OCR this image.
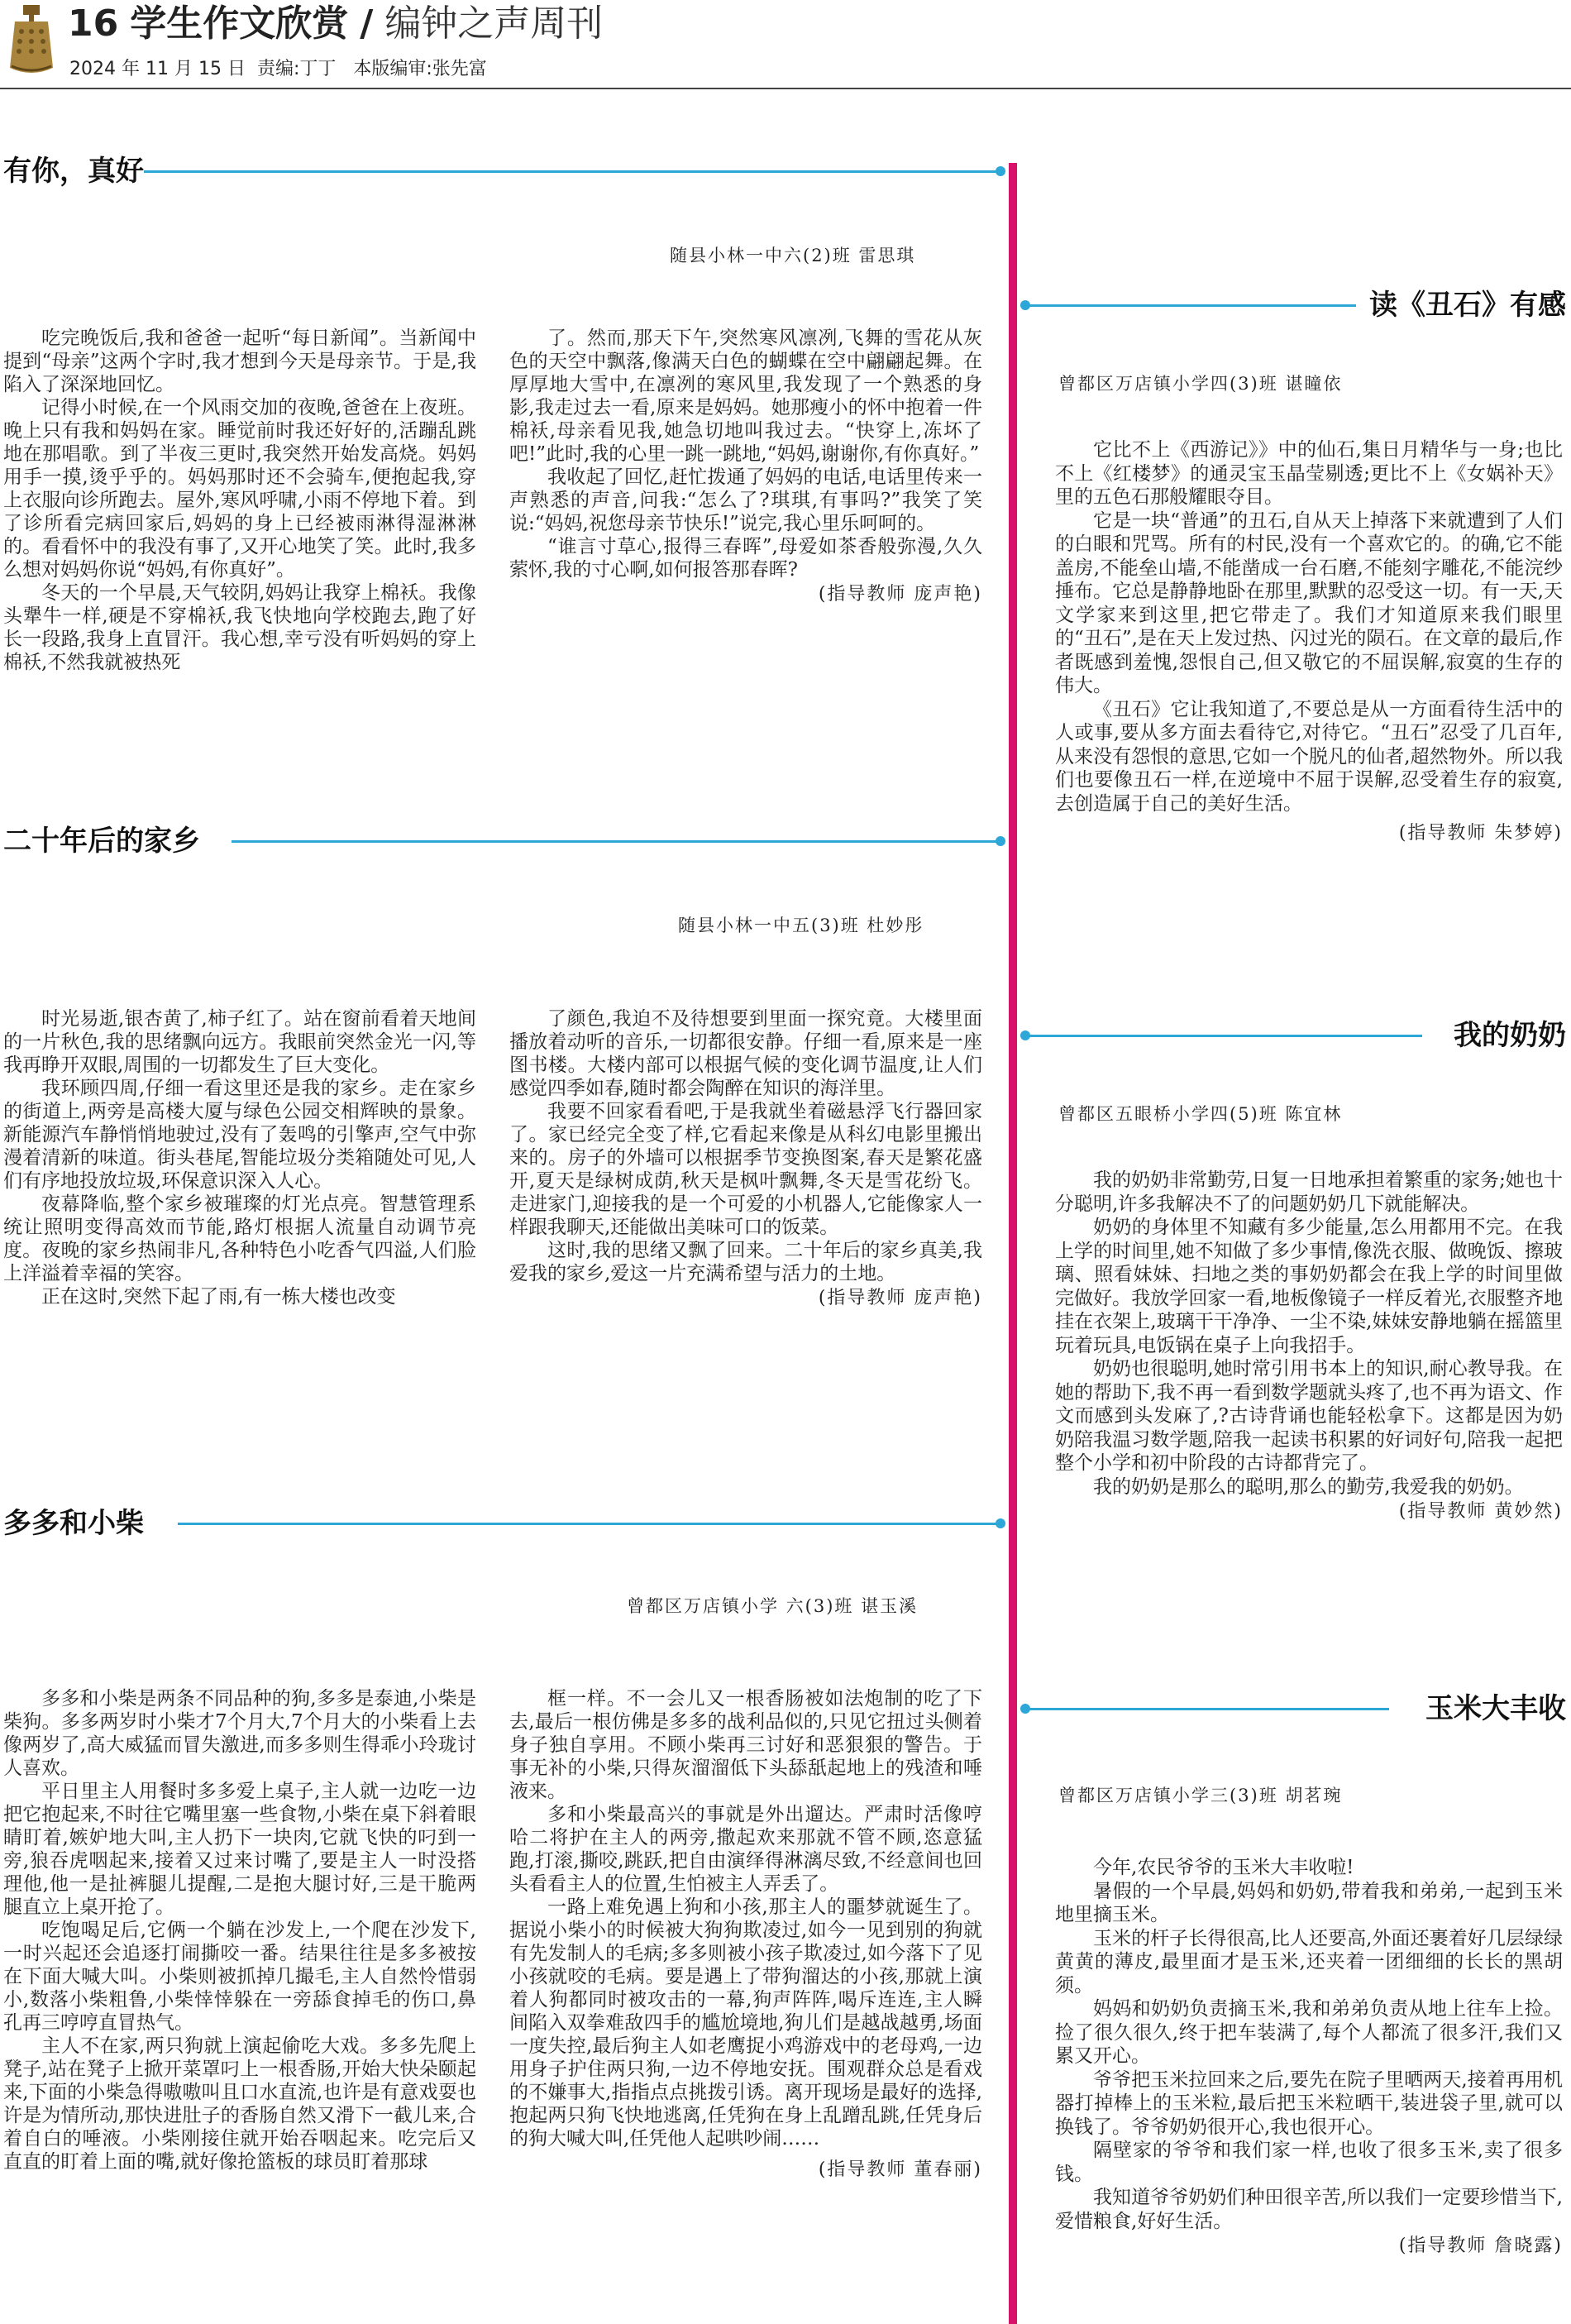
16 学生作文欣赏 / 编钟之声周刊
2024 年 11 月 15 日 责编:丁丁 本版编审:张先富
有你，真好
随县小林一中六(2)班 雷思琪

吃完晚饭后,我和爸爸一起听“每日新闻”。当新闻中提到“母亲”这两个字时,我才想到今天是母亲节。于是,我陷入了深深地回忆。

记得小时候,在一个风雨交加的夜晚,爸爸在上夜班。晚上只有我和妈妈在家。睡觉前时我还好好的,活蹦乱跳地在那唱歌。到了半夜三更时,我突然开始发高烧。妈妈用手一摸,烫乎乎的。妈妈那时还不会骑车,便抱起我,穿上衣服向诊所跑去。屋外,寒风呼啸,小雨不停地下着。到了诊所看完病回家后,妈妈的身上已经被雨淋得湿淋淋的。看看怀中的我没有事了,又开心地笑了笑。此时,我多么想对妈妈你说“妈妈,有你真好”。

冬天的一个早晨,天气较阴,妈妈让我穿上棉袄。我像头犟牛一样,硬是不穿棉袄,我飞快地向学校跑去,跑了好长一段路,我身上直冒汗。我心想,幸亏没有听妈妈的穿上棉袄,不然我就被热死

了。然而,那天下午,突然寒风凛冽,飞舞的雪花从灰色的天空中飘落,像满天白色的蝴蝶在空中翩翩起舞。在厚厚地大雪中,在凛冽的寒风里,我发现了一个熟悉的身影,我走过去一看,原来是妈妈。她那瘦小的怀中抱着一件棉袄,母亲看见我,她急切地叫我过去。“快穿上,冻坏了吧!”此时,我的心里一跳一跳地,“妈妈,谢谢你,有你真好。”

我收起了回忆,赶忙拨通了妈妈的电话,电话里传来一声熟悉的声音,问我:“怎么了?琪琪,有事吗?”我笑了笑说:“妈妈,祝您母亲节快乐!”说完,我心里乐呵呵的。

“谁言寸草心,报得三春晖”,母爱如茶香般弥漫,久久萦怀,我的寸心啊,如何报答那春晖?

(指导教师 庞声艳)
二十年后的家乡
随县小林一中五(3)班 杜妙彤

时光易逝,银杏黄了,柿子红了。站在窗前看着天地间的一片秋色,我的思绪飘向远方。我眼前突然金光一闪,等我再睁开双眼,周围的一切都发生了巨大变化。

我环顾四周,仔细一看这里还是我的家乡。走在家乡的街道上,两旁是高楼大厦与绿色公园交相辉映的景象。新能源汽车静悄悄地驶过,没有了轰鸣的引擎声,空气中弥漫着清新的味道。街头巷尾,智能垃圾分类箱随处可见,人们有序地投放垃圾,环保意识深入人心。

夜幕降临,整个家乡被璀璨的灯光点亮。智慧管理系统让照明变得高效而节能,路灯根据人流量自动调节亮度。夜晚的家乡热闹非凡,各种特色小吃香气四溢,人们脸上洋溢着幸福的笑容。

正在这时,突然下起了雨,有一栋大楼也改变

了颜色,我迫不及待想要到里面一探究竟。大楼里面播放着动听的音乐,一切都很安静。仔细一看,原来是一座图书楼。大楼内部可以根据气候的变化调节温度,让人们感觉四季如春,随时都会陶醉在知识的海洋里。

我要不回家看看吧,于是我就坐着磁悬浮飞行器回家了。家已经完全变了样,它看起来像是从科幻电影里搬出来的。房子的外墙可以根据季节变换图案,春天是繁花盛开,夏天是绿树成荫,秋天是枫叶飘舞,冬天是雪花纷飞。走进家门,迎接我的是一个可爱的小机器人,它能像家人一样跟我聊天,还能做出美味可口的饭菜。

这时,我的思绪又飘了回来。二十年后的家乡真美,我爱我的家乡,爱这一片充满希望与活力的土地。

(指导教师 庞声艳)
多多和小柴
曾都区万店镇小学 六(3)班 谌玉溪

多多和小柴是两条不同品种的狗,多多是泰迪,小柴是柴狗。多多两岁时小柴才7个月大,7个月大的小柴看上去像两岁了,高大威猛而冒失激进,而多多则生得乖小玲珑讨人喜欢。

平日里主人用餐时多多爱上桌子,主人就一边吃一边把它抱起来,不时往它嘴里塞一些食物,小柴在桌下斜着眼睛盯着,嫉妒地大叫,主人扔下一块肉,它就飞快的叼到一旁,狼吞虎咽起来,接着又过来讨嘴了,要是主人一时没搭理他,他一是扯裤腿儿提醒,二是抱大腿讨好,三是干脆两腿直立上桌开抢了。

吃饱喝足后,它俩一个躺在沙发上,一个爬在沙发下,一时兴起还会追逐打闹撕咬一番。结果往往是多多被按在下面大喊大叫。小柴则被抓掉几撮毛,主人自然怜惜弱小,数落小柴粗鲁,小柴悻悻躲在一旁舔食掉毛的伤口,鼻孔再三哼哼直冒热气。

主人不在家,两只狗就上演起偷吃大戏。多多先爬上凳子,站在凳子上掀开菜罩叼上一根香肠,开始大快朵颐起来,下面的小柴急得嗷嗷叫且口水直流,也许是有意戏耍也许是为情所动,那快进肚子的香肠自然又滑下一截儿来,合着自白的唾液。小柴刚接住就开始吞咽起来。吃完后又直直的盯着上面的嘴,就好像抢篮板的球员盯着那球

框一样。不一会儿又一根香肠被如法炮制的吃了下去,最后一根仿佛是多多的战利品似的,只见它扭过头侧着身子独自享用。不顾小柴再三讨好和恶狠狠的警告。于事无补的小柴,只得灰溜溜低下头舔舐起地上的残渣和唾液来。

多和小柴最高兴的事就是外出遛达。严肃时活像哼哈二将护在主人的两旁,撒起欢来那就不管不顾,恣意猛跑,打滚,撕咬,跳跃,把自由演绎得淋漓尽致,不经意间也回头看看主人的位置,生怕被主人弄丢了。

一路上难免遇上狗和小孩,那主人的噩梦就诞生了。据说小柴小的时候被大狗狗欺凌过,如今一见到别的狗就有先发制人的毛病;多多则被小孩子欺凌过,如今落下了见小孩就咬的毛病。要是遇上了带狗溜达的小孩,那就上演着人狗都同时被攻击的一幕,狗声阵阵,喝斥连连,主人瞬间陷入双拳难敌四手的尴尬境地,狗儿们是越战越勇,场面一度失控,最后狗主人如老鹰捉小鸡游戏中的老母鸡,一边用身子护住两只狗,一边不停地安抚。围观群众总是看戏的不嫌事大,指指点点挑拨引诱。离开现场是最好的选择,抱起两只狗飞快地逃离,任凭狗在身上乱蹭乱跳,任凭身后的狗大喊大叫,任凭他人起哄吵闹……

(指导教师 董春丽)
读《丑石》有感
曾都区万店镇小学四(3)班 谌瞳依

它比不上《西游记》》中的仙石,集日月精华与一身;也比不上《红楼梦》的通灵宝玉晶莹剔透;更比不上《女娲补天》里的五色石那般耀眼夺目。

它是一块“普通”的丑石,自从天上掉落下来就遭到了人们的白眼和咒骂。所有的村民,没有一个喜欢它的。的确,它不能盖房,不能垒山墙,不能凿成一台石磨,不能刻字雕花,不能浣纱捶布。它总是静静地卧在那里,默默的忍受这一切。有一天,天文学家来到这里,把它带走了。我们才知道原来我们眼里的“丑石”,是在天上发过热、闪过光的陨石。在文章的最后,作者既感到羞愧,怨恨自己,但又敬它的不屈误解,寂寞的生存的伟大。

《丑石》它让我知道了,不要总是从一方面看待生活中的人或事,要从多方面去看待它,对待它。“丑石”忍受了几百年,从来没有怨恨的意思,它如一个脱凡的仙者,超然物外。所以我们也要像丑石一样,在逆境中不屈于误解,忍受着生存的寂寞,去创造属于自己的美好生活。

(指导教师 朱梦婷)
我的奶奶
曾都区五眼桥小学四(5)班 陈宜林

我的奶奶非常勤劳,日复一日地承担着繁重的家务;她也十分聪明,许多我解决不了的问题奶奶几下就能解决。

奶奶的身体里不知藏有多少能量,怎么用都用不完。在我上学的时间里,她不知做了多少事情,像洗衣服、做晚饭、擦玻璃、照看妹妹、扫地之类的事奶奶都会在我上学的时间里做完做好。我放学回家一看,地板像镜子一样反着光,衣服整齐地挂在衣架上,玻璃干干净净、一尘不染,妹妹安静地躺在摇篮里玩着玩具,电饭锅在桌子上向我招手。

奶奶也很聪明,她时常引用书本上的知识,耐心教导我。在她的帮助下,我不再一看到数学题就头疼了,也不再为语文、作文而感到头发麻了,?古诗背诵也能轻松拿下。这都是因为奶奶陪我温习数学题,陪我一起读书积累的好词好句,陪我一起把整个小学和初中阶段的古诗都背完了。

我的奶奶是那么的聪明,那么的勤劳,我爱我的奶奶。

(指导教师 黄妙然)
玉米大丰收
曾都区万店镇小学三(3)班 胡茗琬

今年,农民爷爷的玉米大丰收啦!

暑假的一个早晨,妈妈和奶奶,带着我和弟弟,一起到玉米地里摘玉米。

玉米的杆子长得很高,比人还要高,外面还裹着好几层绿绿黄黄的薄皮,最里面才是玉米,还夹着一团细细的长长的黑胡须。

妈妈和奶奶负责摘玉米,我和弟弟负责从地上往车上捡。捡了很久很久,终于把车装满了,每个人都流了很多汗,我们又累又开心。

爷爷把玉米拉回来之后,要先在院子里晒两天,接着再用机器打掉棒上的玉米粒,最后把玉米粒晒干,装进袋子里,就可以换钱了。爷爷奶奶很开心,我也很开心。

隔壁家的爷爷和我们家一样,也收了很多玉米,卖了很多钱。

我知道爷爷奶奶们种田很辛苦,所以我们一定要珍惜当下,爱惜粮食,好好生活。

(指导教师 詹晓露)
